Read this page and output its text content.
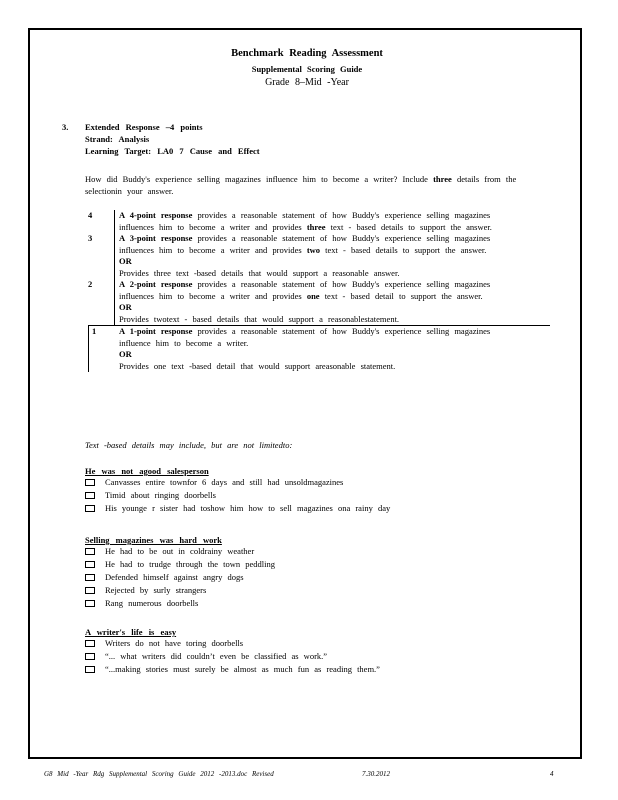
Benchmark Reading Assessment
Supplemental Scoring Guide
Grade 8–Mid -Year
3. Extended Response –4 points
Strand: Analysis
Learning Target: LA0 7 Cause and Effect
How did Buddy's experience selling magazines influence him to become a writer? Include three details from the selectionin your answer.
4	A 4-point response provides a reasonable statement of how Buddy's experience selling magazines influences him to become a writer and provides three text - based details to support the answer.
3	A 3-point response provides a reasonable statement of how Buddy's experience selling magazines influences him to become a writer and provides two text - based details to support the answer.
OR
Provides three text -based details that would support a reasonable answer.
2	A 2-point response provides a reasonable statement of how Buddy's experience selling magazines influences him to become a writer and provides one text - based detail to support the answer.
OR
Provides twotext - based details that would support a reasonablestatement.
1	A 1-point response provides a reasonable statement of how Buddy's experience selling magazines influence him to become a writer.
OR
Provides one text -based detail that would support areasonable statement.
Text -based details may include, but are not limitedto:
He was not agood salesperson
Canvasses entire townfor 6 days and still had unsoldmagazines
Timid about ringing doorbells
His younge r sister had toshow him how to sell magazines ona rainy day
Selling magazines was hard work
He had to be out in coldrainy weather
He had to trudge through the town peddling
Defended himself against angry dogs
Rejected by surly strangers
Rang numerous doorbells
A writer's life is easy
Writers do not have toring doorbells
“... what writers did couldn’t even be classified as work.”
“...making stories must surely be almost as much fun as reading them.”
G8 Mid -Year Rdg Supplemental Scoring Guide 2012 -2013.doc Revised	7.30.2012	4
